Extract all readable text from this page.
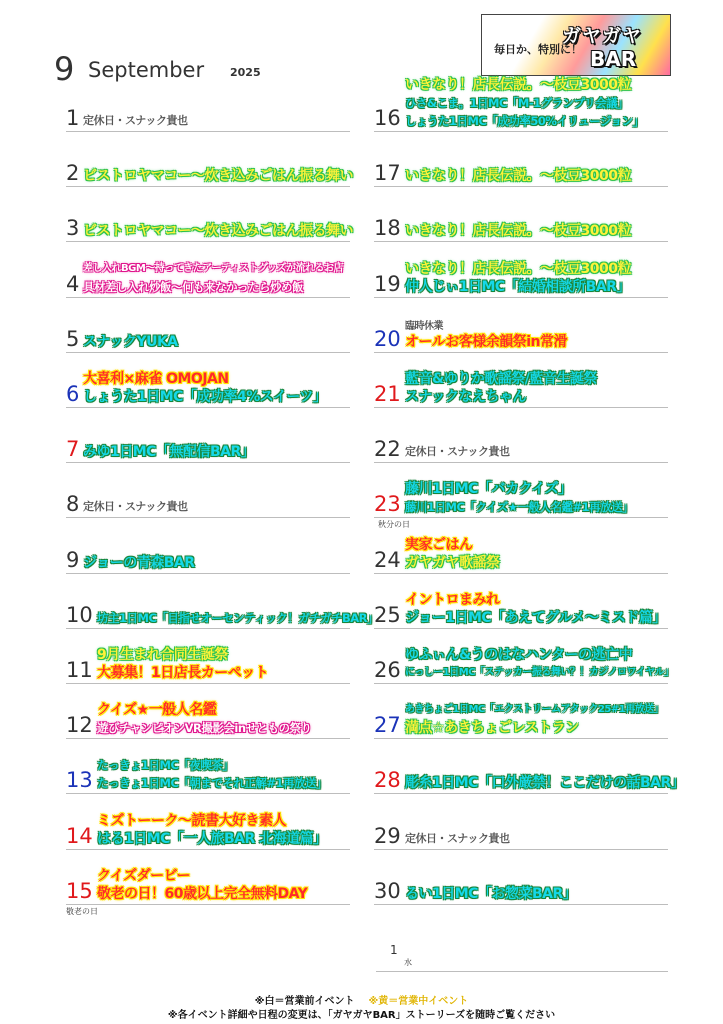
9 September 2025
毎日か、特別に！
ガヤガヤ
BAR
1 定休日・スナック貴也
2 ビストロヤマコー～炊き込みごはん振る舞い
3 ビストロヤマコー～炊き込みごはん振る舞い
4
差し入れBGM～持ってきたアーティストグッズが流れるお店
具材差し入れ炒飯～何も来なかったら炒め飯
5 スナックYUKA
6
大喜利×麻雀 OMOJAN
しょうた1日MC「成功率4%スイーツ」
7 みゆ1日MC「無配信BAR」
8 定休日・スナック貴也
9 ジョーの青森BAR
10 坊主1日MC「目指せオーセンティック！ガチガチBAR」
11
9月生まれ合同生誕祭
大募集！1日店長カーペット
12
クイズ★一般人名鑑
遊びチャンピオンVR撮影会inせともの祭り
13
たっきょ1日MC「夜喫茶」
たっきょ1日MC「朝までそれ正解#1再放送」
14
ミズトーーク～読書大好き素人
はる1日MC「一人旅BAR 北海道篇」
15
敬老の日
クイズダービー
敬老の日！60歳以上完全無料DAY
16
いきなり！店長伝説。～枝豆3000粒
ひさ&こま。1日MC「M-1グランプリ会議」
しょうた1日MC「成功率50%イリュージョン」
17 いきなり！店長伝説。～枝豆3000粒
18 いきなり！店長伝説。～枝豆3000粒
19
いきなり！店長伝説。～枝豆3000粒
仲人じぃ1日MC「結婚相談所BAR」
20
臨時休業
オールお客様余韻祭in常滑
21
藍音&ゆりか歌謡祭/藍音生誕祭
スナックなえちゃん
22 定休日・スナック貴也
23
秋分の日
藤川1日MC「バカクイズ」
藤川1日MC「クイズ★一般人名鑑#1再放送」
24
実家ごはん
ガヤガヤ歌謡祭
25
イントロまみれ
ジョー1日MC「あえてグルメ～ミスド篇」
26
ゆふぃん&うのはなハンターの逃亡中
にっしー1日MC「ステッカー振る舞い？！カジノロワイヤル」
27
あきちょご1日MC「エクストリームアタック25#1再放送」
満点☆あきちょごレストラン
28 彫糸1日MC「口外厳禁！ここだけの話BAR」
29 定休日・スナック貴也
30 るい1日MC「お惣菜BAR」
1
水
※白＝営業前イベント ※黄＝営業中イベント
※各イベント詳細や日程の変更は、「ガヤガヤBAR」ストーリーズを随時ご覧ください
